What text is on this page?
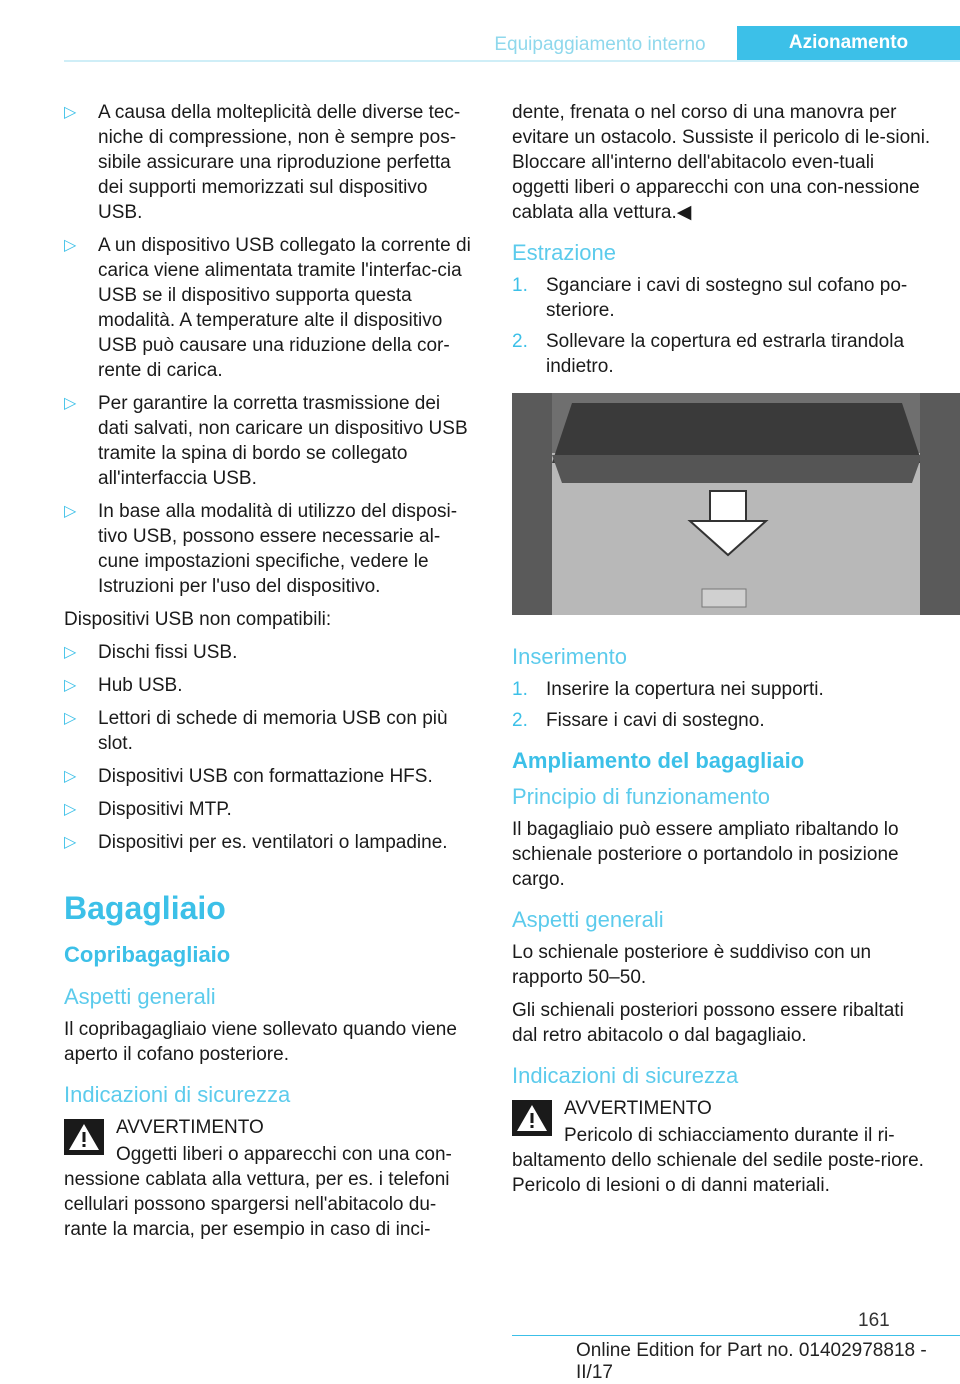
Equipaggiamento interno	Azionamento
▷ A causa della molteplicità delle diverse tec-niche di compressione, non è sempre pos-sibile assicurare una riproduzione perfetta dei supporti memorizzati sul dispositivo USB.
▷ A un dispositivo USB collegato la corrente di carica viene alimentata tramite l'interfac-cia USB se il dispositivo supporta questa modalità. A temperature alte il dispositivo USB può causare una riduzione della cor-rente di carica.
▷ Per garantire la corretta trasmissione dei dati salvati, non caricare un dispositivo USB tramite la spina di bordo se collegato all'interfaccia USB.
▷ In base alla modalità di utilizzo del disposi-tivo USB, possono essere necessarie al-cune impostazioni specifiche, vedere le Istruzioni per l'uso del dispositivo.

Dispositivi USB non compatibili:

▷ Dischi fissi USB.
▷ Hub USB.
▷ Lettori di schede di memoria USB con più slot.
▷ Dispositivi USB con formattazione HFS.
▷ Dispositivi MTP.
▷ Dispositivi per es. ventilatori o lampadine.
Bagagliaio
Copribagagliaio
Aspetti generali

Il copribagagliaio viene sollevato quando viene aperto il cofano posteriore.

Indicazioni di sicurezza
AVVERTIMENTO

Oggetti liberi o apparecchi con una con-nessione cablata alla vettura, per es. i telefoni cellulari possono spargersi nell'abitacolo du-rante la marcia, per esempio in caso di inci-

dente, frenata o nel corso di una manovra per evitare un ostacolo. Sussiste il pericolo di le-sioni. Bloccare all'interno dell'abitacolo even-tuali oggetti liberi o apparecchi con una con-nessione cablata alla vettura.◀

Estrazione
1. Sganciare i cavi di sostegno sul cofano po-steriore.
2. Sollevare la copertura ed estrarla tirandola indietro.
Inserimento
1. Inserire la copertura nei supporti.
2. Fissare i cavi di sostegno.
Ampliamento del bagagliaio
Principio di funzionamento

Il bagagliaio può essere ampliato ribaltando lo schienale posteriore o portandolo in posizione cargo.

Aspetti generali

Lo schienale posteriore è suddiviso con un rapporto 50–50.

Gli schienali posteriori possono essere ribaltati dal retro abitacolo o dal bagagliaio.

Indicazioni di sicurezza
AVVERTIMENTO

Pericolo di schiacciamento durante il ri-baltamento dello schienale del sedile poste-riore. Pericolo di lesioni o di danni materiali.

161
Online Edition for Part no. 01402978818 - II/17
